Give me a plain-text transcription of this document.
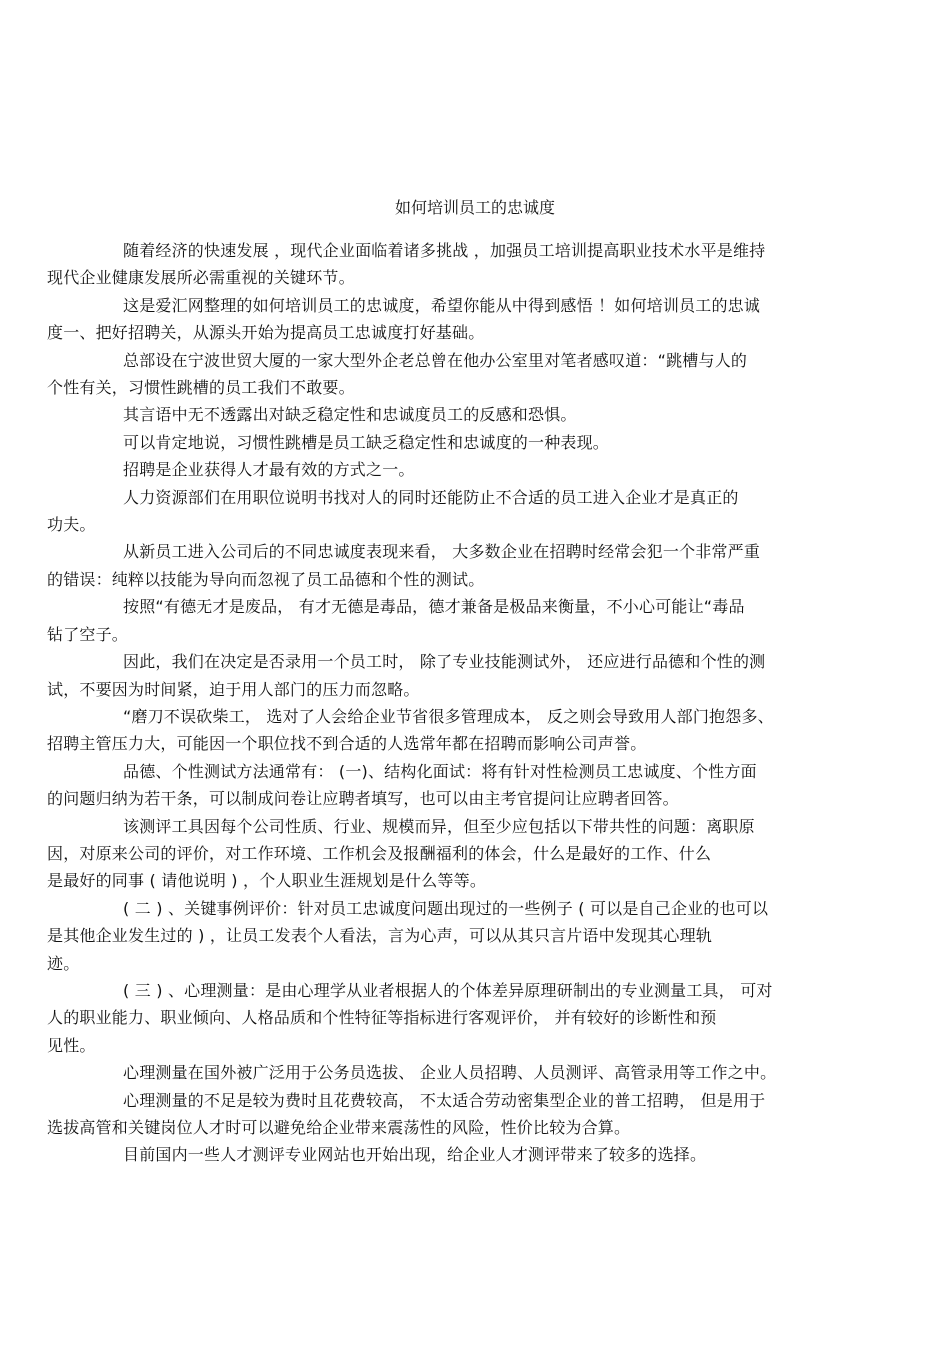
如何培训员工的忠诚度

随着经济的快速发展 ，现代企业面临着诸多挑战 ，加强员工培训提高职业技术水平是维持
现代企业健康发展所必需重视的关键环节。

这是爱汇网整理的如何培训员工的忠诚度，希望你能从中得到感悟 ！如何培训员工的忠诚
度一、把好招聘关，从源头开始为提高员工忠诚度打好基础。

总部设在宁波世贸大厦的一家大型外企老总曾在他办公室里对笔者感叹道：“跳槽与人的
个性有关，习惯性跳槽的员工我们不敢要。

其言语中无不透露出对缺乏稳定性和忠诚度员工的反感和恐惧。

可以肯定地说，习惯性跳槽是员工缺乏稳定性和忠诚度的一种表现。

招聘是企业获得人才最有效的方式之一。

人力资源部们在用职位说明书找对人的同时还能防止不合适的员工进入企业才是真正的
功夫。

从新员工进入公司后的不同忠诚度表现来看， 大多数企业在招聘时经常会犯一个非常严重
的错误：纯粹以技能为导向而忽视了员工品德和个性的测试。

按照“有德无才是废品， 有才无德是毒品，德才兼备是极品来衡量，不小心可能让“毒品
钻了空子。

因此，我们在决定是否录用一个员工时， 除了专业技能测试外， 还应进行品德和个性的测
试，不要因为时间紧，迫于用人部门的压力而忽略。

“磨刀不误砍柴工， 选对了人会给企业节省很多管理成本， 反之则会导致用人部门抱怨多、
招聘主管压力大，可能因一个职位找不到合适的人选常年都在招聘而影响公司声誉。

品德、个性测试方法通常有： (一)、结构化面试：将有针对性检测员工忠诚度、个性方面
的问题归纳为若干条，可以制成问卷让应聘者填写，也可以由主考官提问让应聘者回答。

该测评工具因每个公司性质、行业、规模而异，但至少应包括以下带共性的问题：离职原
因，对原来公司的评价，对工作环境、工作机会及报酬福利的体会，什么是最好的工作、什么
是最好的同事 ( 请他说明 ) ，个人职业生涯规划是什么等等。

( 二 ) 、关键事例评价：针对员工忠诚度问题出现过的一些例子 ( 可以是自己企业的也可以
是其他企业发生过的 ) ，让员工发表个人看法，言为心声，可以从其只言片语中发现其心理轨
迹。

( 三 ) 、心理测量：是由心理学从业者根据人的个体差异原理研制出的专业测量工具， 可对
人的职业能力、职业倾向、人格品质和个性特征等指标进行客观评价， 并有较好的诊断性和预
见性。

心理测量在国外被广泛用于公务员选拔、 企业人员招聘、人员测评、高管录用等工作之中。

心理测量的不足是较为费时且花费较高， 不太适合劳动密集型企业的普工招聘， 但是用于
选拔高管和关键岗位人才时可以避免给企业带来震荡性的风险，性价比较为合算。

目前国内一些人才测评专业网站也开始出现，给企业人才测评带来了较多的选择。
